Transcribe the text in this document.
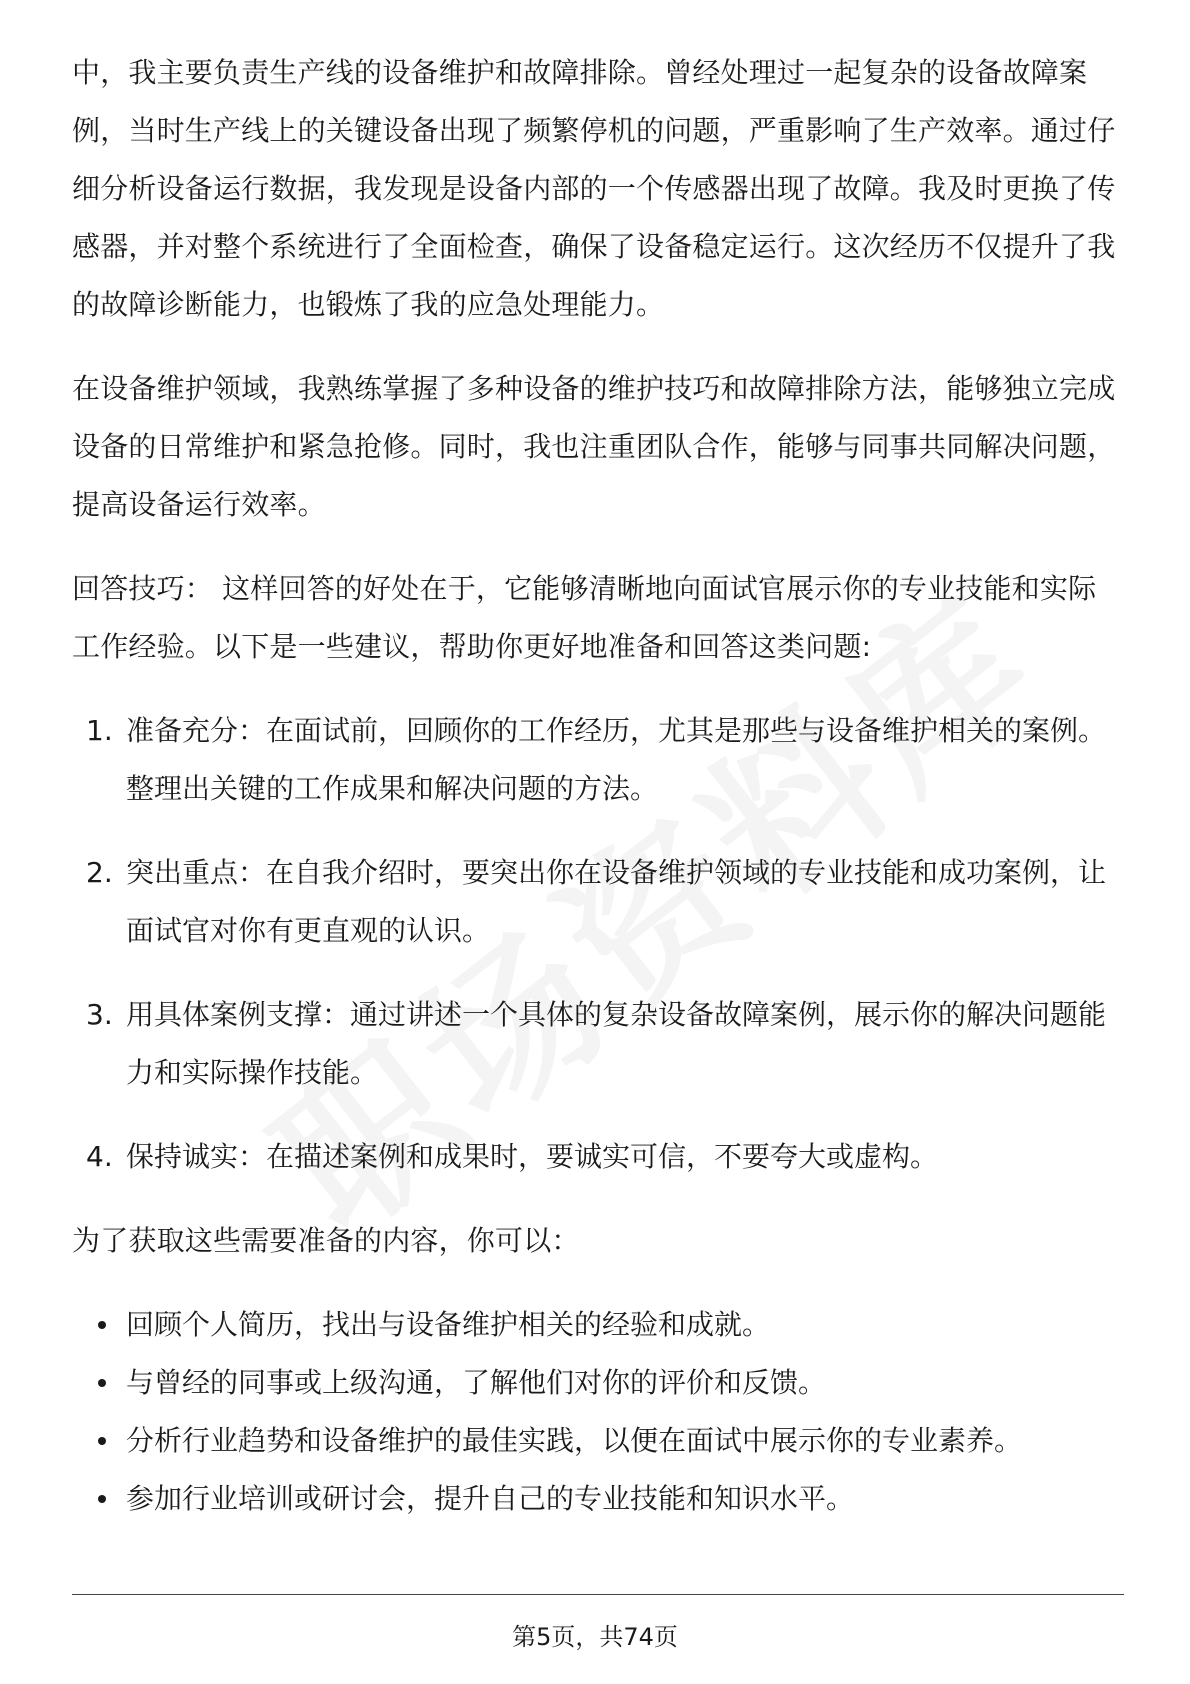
中，我主要负责生产线的设备维护和故障排除。曾经处理过一起复杂的设备故障案例，当时生产线上的关键设备出现了频繁停机的问题，严重影响了生产效率。通过仔细分析设备运行数据，我发现是设备内部的一个传感器出现了故障。我及时更换了传感器，并对整个系统进行了全面检查，确保了设备稳定运行。这次经历不仅提升了我的故障诊断能力，也锻炼了我的应急处理能力。

在设备维护领域，我熟练掌握了多种设备的维护技巧和故障排除方法，能够独立完成设备的日常维护和紧急抢修。同时，我也注重团队合作，能够与同事共同解决问题，提高设备运行效率。

回答技巧： 这样回答的好处在于，它能够清晰地向面试官展示你的专业技能和实际工作经验。以下是一些建议，帮助你更好地准备和回答这类问题:

1. 准备充分：在面试前，回顾你的工作经历，尤其是那些与设备维护相关的案例。整理出关键的工作成果和解决问题的方法。
2. 突出重点：在自我介绍时，要突出你在设备维护领域的专业技能和成功案例，让面试官对你有更直观的认识。
3. 用具体案例支撑：通过讲述一个具体的复杂设备故障案例，展示你的解决问题能力和实际操作技能。
4. 保持诚实：在描述案例和成果时，要诚实可信，不要夸大或虚构。

为了获取这些需要准备的内容，你可以：

回顾个人简历，找出与设备维护相关的经验和成就。
与曾经的同事或上级沟通，了解他们对你的评价和反馈。
分析行业趋势和设备维护的最佳实践，以便在面试中展示你的专业素养。
参加行业培训或研讨会，提升自己的专业技能和知识水平。
第5页，共74页
